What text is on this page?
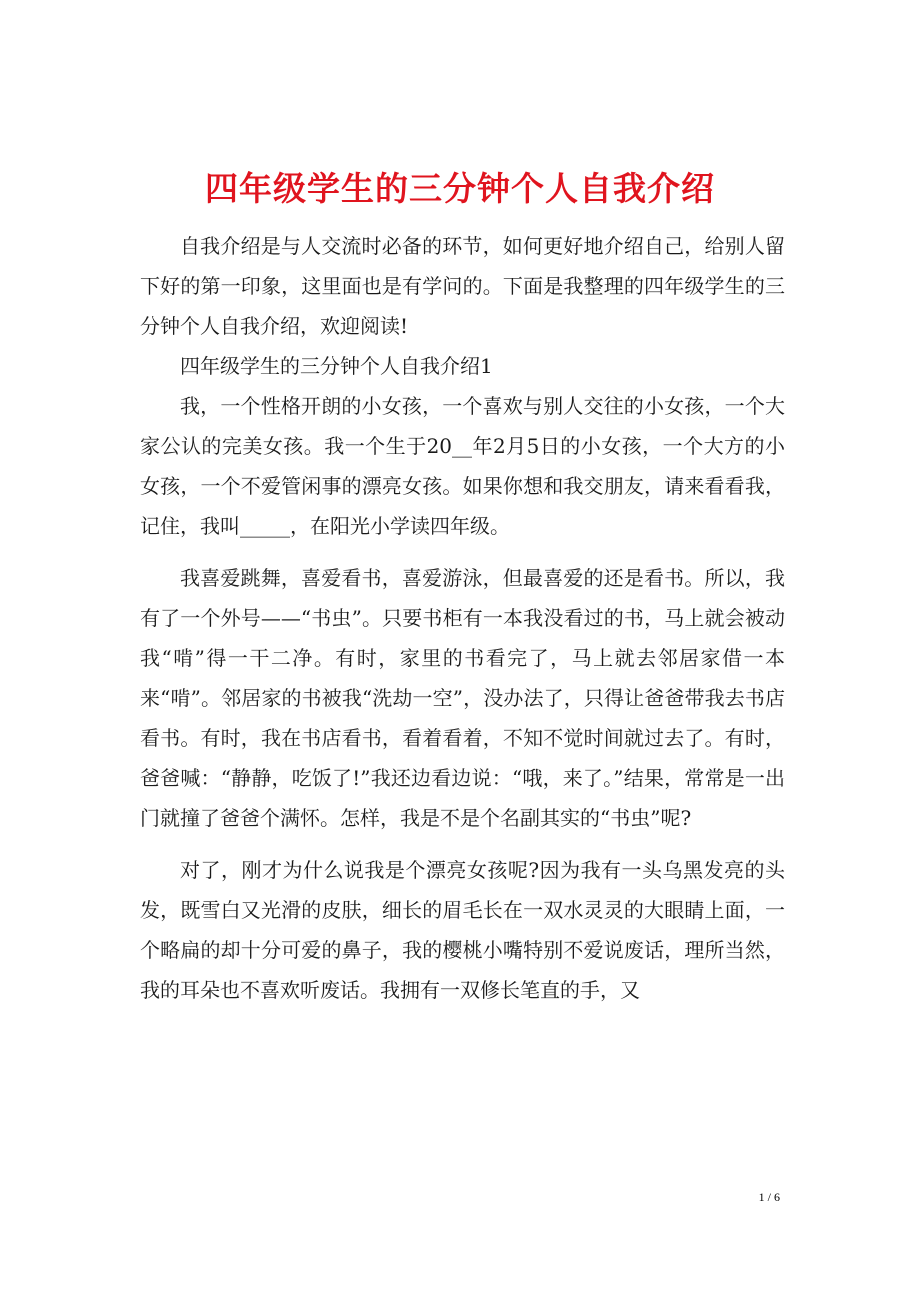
四年级学生的三分钟个人自我介绍

自我介绍是与人交流时必备的环节，如何更好地介绍自己，给别人留下好的第一印象，这里面也是有学问的。下面是我整理的四年级学生的三分钟个人自我介绍，欢迎阅读!

四年级学生的三分钟个人自我介绍1

我，一个性格开朗的小女孩，一个喜欢与别人交往的小女孩，一个大家公认的完美女孩。我一个生于20__年2月5日的小女孩，一个大方的小女孩，一个不爱管闲事的漂亮女孩。如果你想和我交朋友，请来看看我，记住，我叫_____，在阳光小学读四年级。

我喜爱跳舞，喜爱看书，喜爱游泳，但最喜爱的还是看书。所以，我有了一个外号——“书虫”。只要书柜有一本我没看过的书，马上就会被动我“啃”得一干二净。有时，家里的书看完了，马上就去邻居家借一本来“啃”。邻居家的书被我“洗劫一空”，没办法了，只得让爸爸带我去书店看书。有时，我在书店看书，看着看着，不知不觉时间就过去了。有时，爸爸喊：“静静，吃饭了!”我还边看边说：“哦，来了。”结果，常常是一出门就撞了爸爸个满怀。怎样，我是不是个名副其实的“书虫”呢?

对了，刚才为什么说我是个漂亮女孩呢?因为我有一头乌黑发亮的头发，既雪白又光滑的皮肤，细长的眉毛长在一双水灵灵的大眼睛上面，一个略扁的却十分可爱的鼻子，我的樱桃小嘴特别不爱说废话，理所当然，我的耳朵也不喜欢听废话。我拥有一双修长笔直的手，又

1 / 6
